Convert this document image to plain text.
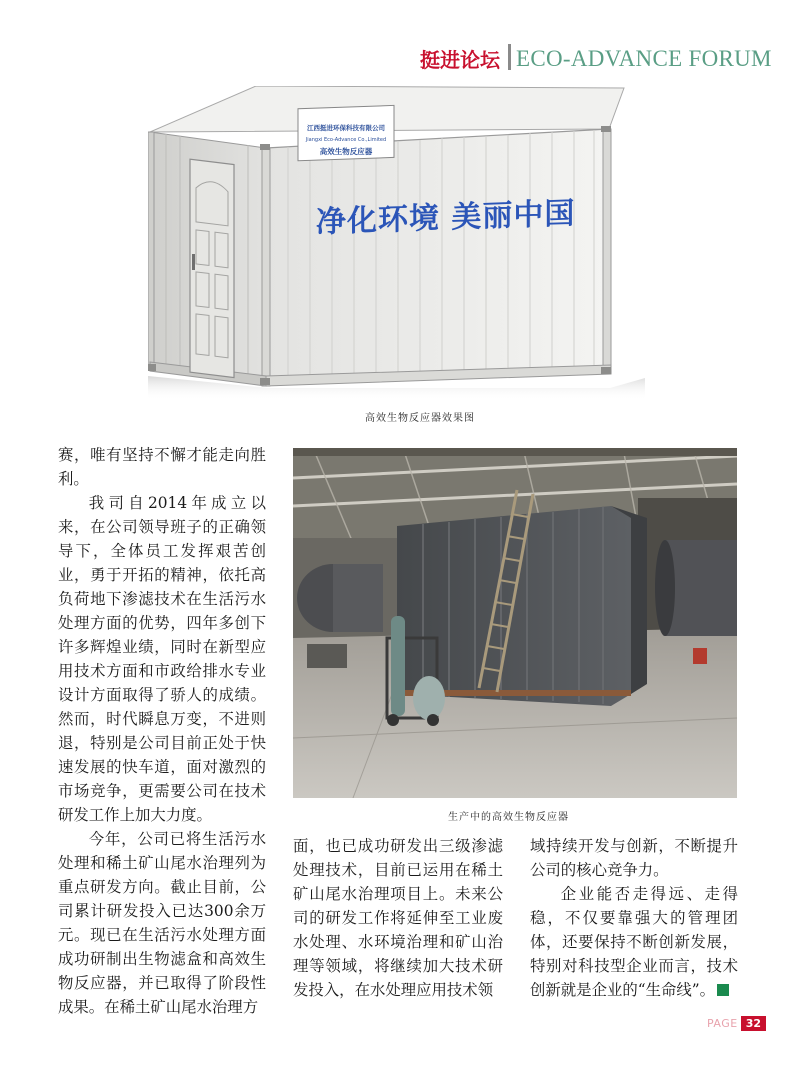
挺进论坛 ECO-ADVANCE FORUM
江西挺进环保科技有限公司
Jiangxi Eco-Advance Co.,Limited
高效生物反应器
净化环境 美丽中国
高效生物反应器效果图
生产中的高效生物反应器

赛，唯有坚持不懈才能走向胜利。

我司自2014年成立以来，在公司领导班子的正确领导下，全体员工发挥艰苦创业，勇于开拓的精神，依托高负荷地下渗滤技术在生活污水处理方面的优势，四年多创下许多辉煌业绩，同时在新型应用技术方面和市政给排水专业设计方面取得了骄人的成绩。然而，时代瞬息万变，不进则退，特别是公司目前正处于快速发展的快车道，面对激烈的市场竞争，更需要公司在技术研发工作上加大力度。

今年，公司已将生活污水处理和稀土矿山尾水治理列为重点研发方向。截止目前，公司累计研发投入已达300余万元。现已在生活污水处理方面成功研制出生物滤盒和高效生物反应器，并已取得了阶段性成果。在稀土矿山尾水治理方

面，也已成功研发出三级渗滤处理技术，目前已运用在稀土矿山尾水治理项目上。未来公司的研发工作将延伸至工业废水处理、水环境治理和矿山治理等领域，将继续加大技术研发投入，在水处理应用技术领

域持续开发与创新，不断提升公司的核心竞争力。

企业能否走得远、走得稳，不仅要靠强大的管理团体，还要保持不断创新发展，特别对科技型企业而言，技术创新就是企业的“生命线”。

PAGE 32
